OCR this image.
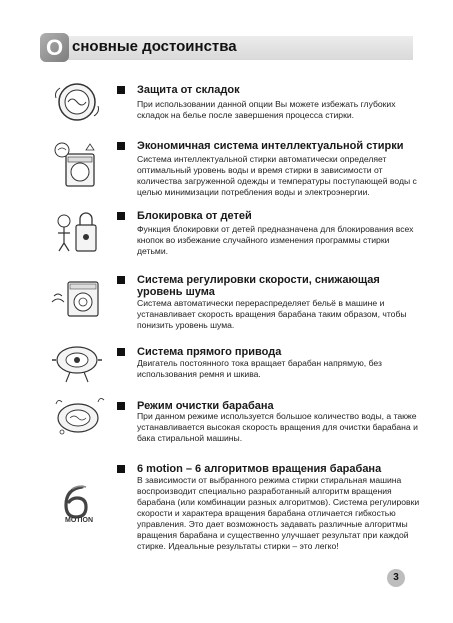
О сновные достоинства
Защита от складок
При использовании данной опции Вы можете избежать глубоких складок на белье после завершения процесса стирки.
Экономичная система интеллектуальной стирки
Система интеллектуальной стирки автоматически определяет оптимальный уровень воды и время стирки в зависимости от количества загруженной одежды и температуры поступающей воды с целью минимизации потребления воды и электроэнергии.
Блокировка от детей
Функция блокировки от детей предназначена для блокирования всех кнопок во избежание случайного изменения программы стирки детьми.
Система регулировки скорости, снижающая уровень шума
Система автоматически перераспределяет бельё в машине и устанавливает скорость вращения барабана таким образом, чтобы понизить уровень шума.
Система прямого привода
Двигатель постоянного тока вращает барабан напрямую, без использования ремня и шкива.
Режим очистки барабана
При данном режиме используется большое количество воды, а также устанавливается высокая скорость вращения для очистки барабана и бака стиральной машины.
MOTION
6 motion – 6 алгоритмов вращения барабана
В зависимости от выбранного режима стирки стиральная машина воспроизводит специально разработанный алгоритм вращения барабана (или комбинации разных алгоритмов). Система регулировки скорости и характера вращения барабана отличается гибкостью управления. Это дает возможность задавать различные алгоритмы вращения барабана и существенно улучшает результат при каждой стирке. Идеальные результаты стирки – это легко!
3
